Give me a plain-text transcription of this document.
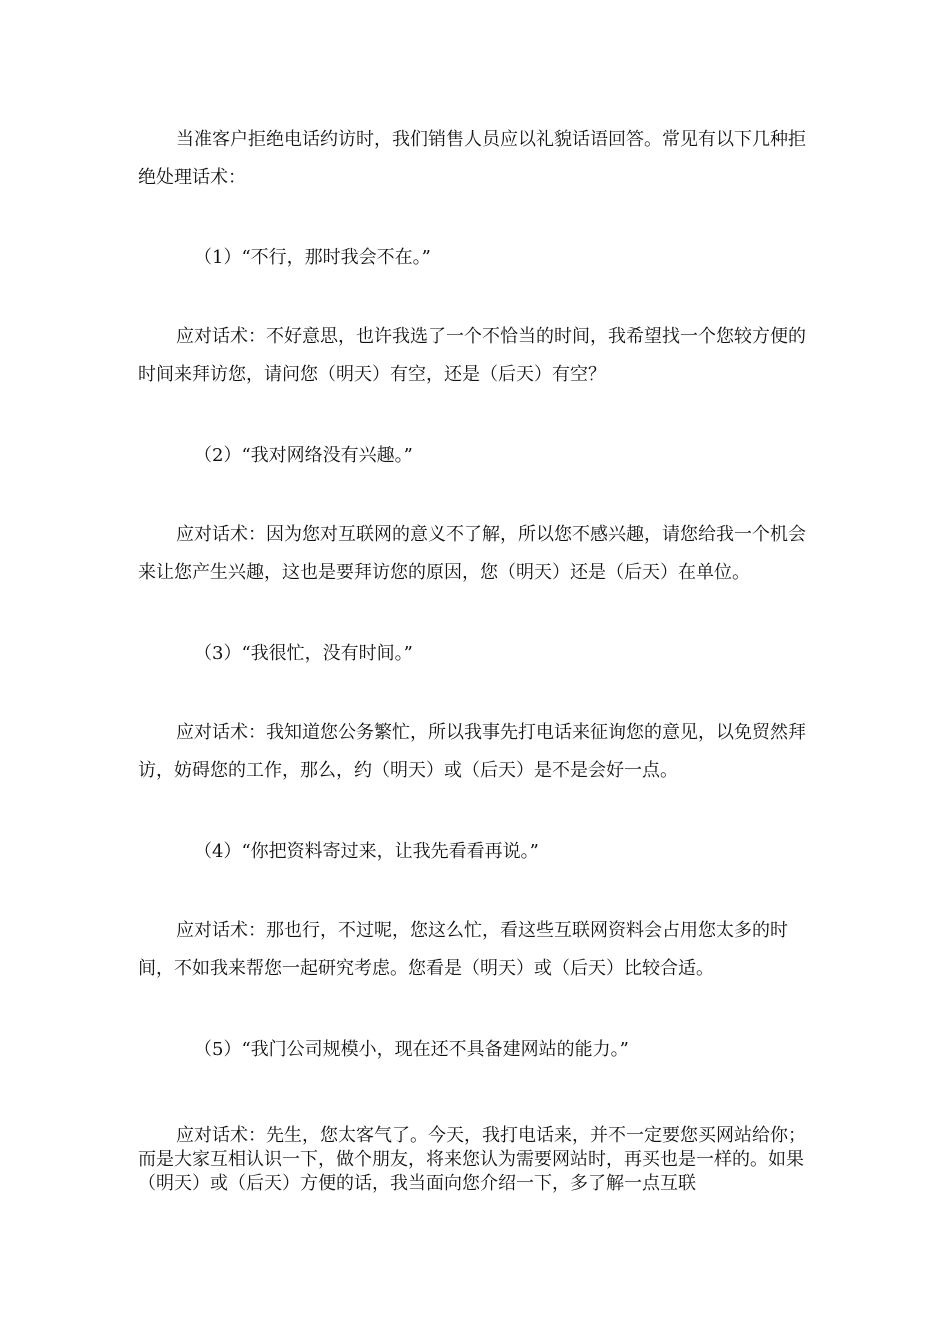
当准客户拒绝电话约访时，我们销售人员应以礼貌话语回答。常见有以下几种拒绝处理话术：

（1）“不行，那时我会不在。”

应对话术：不好意思，也许我选了一个不恰当的时间，我希望找一个您较方便的时间来拜访您，请问您（明天）有空，还是（后天）有空？

（2）“我对网络没有兴趣。”

应对话术：因为您对互联网的意义不了解，所以您不感兴趣，请您给我一个机会来让您产生兴趣，这也是要拜访您的原因，您（明天）还是（后天）在单位。

（3）“我很忙，没有时间。”

应对话术：我知道您公务繁忙，所以我事先打电话来征询您的意见，以免贸然拜访，妨碍您的工作，那么，约（明天）或（后天）是不是会好一点。

（4）“你把资料寄过来，让我先看看再说。”

应对话术：那也行，不过呢，您这么忙，看这些互联网资料会占用您太多的时间，不如我来帮您一起研究考虑。您看是（明天）或（后天）比较合适。

（5）“我门公司规模小，现在还不具备建网站的能力。”

应对话术：先生，您太客气了。今天，我打电话来，并不一定要您买网站给你；而是大家互相认识一下，做个朋友，将来您认为需要网站时，再买也是一样的。如果（明天）或（后天）方便的话，我当面向您介绍一下，多了解一点互联
